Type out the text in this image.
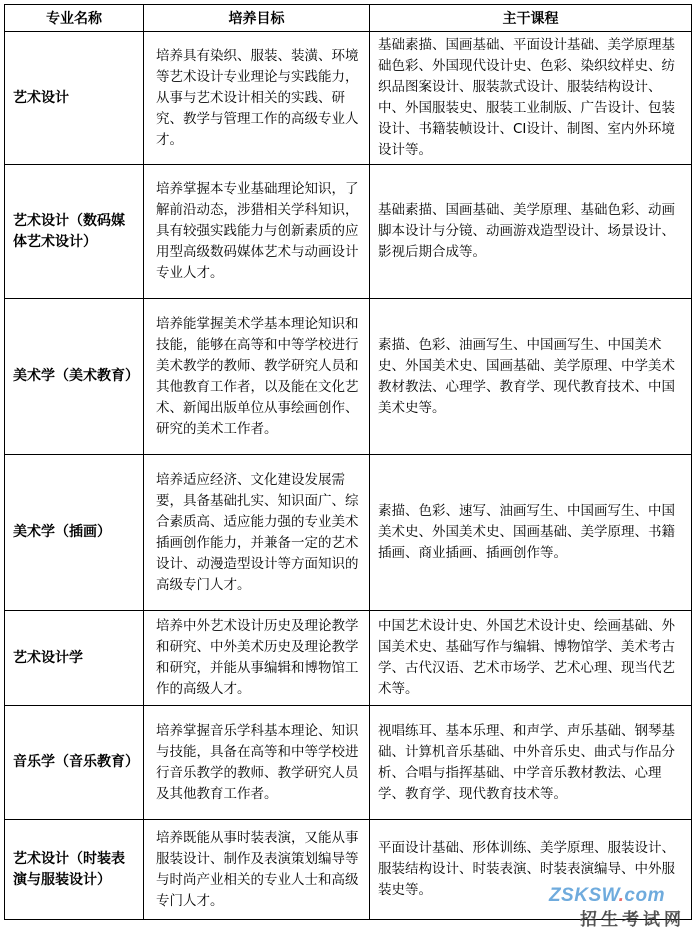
专业名称	培养目标	主干课程
艺术设计	培养具有染织、服装、装潢、环境等艺术设计专业理论与实践能力，从事与艺术设计相关的实践、研究、教学与管理工作的高级专业人才。	基础素描、国画基础、平面设计基础、美学原理基础色彩、外国现代设计史、色彩、染织纹样史、纺织品图案设计、服装款式设计、服装结构设计、中、外国服装史、服装工业制版、广告设计、包装设计、书籍装帧设计、CI设计、制图、室内外环境设计等。
艺术设计（数码媒体艺术设计）	培养掌握本专业基础理论知识，了解前沿动态，涉猎相关学科知识，具有较强实践能力与创新素质的应用型高级数码媒体艺术与动画设计专业人才。	基础素描、国画基础、美学原理、基础色彩、动画脚本设计与分镜、动画游戏造型设计、场景设计、影视后期合成等。
美术学（美术教育）	培养能掌握美术学基本理论知识和技能，能够在高等和中等学校进行美术教学的教师、教学研究人员和其他教育工作者，以及能在文化艺术、新闻出版单位从事绘画创作、研究的美术工作者。	素描、色彩、油画写生、中国画写生、中国美术史、外国美术史、国画基础、美学原理、中学美术教材教法、心理学、教育学、现代教育技术、中国美术史等。
美术学（插画）	培养适应经济、文化建设发展需要，具备基础扎实、知识面广、综合素质高、适应能力强的专业美术插画创作能力，并兼备一定的艺术设计、动漫造型设计等方面知识的高级专门人才。	素描、色彩、速写、油画写生、中国画写生、中国美术史、外国美术史、国画基础、美学原理、书籍插画、商业插画、插画创作等。
艺术设计学	培养中外艺术设计历史及理论教学和研究、中外美术历史及理论教学和研究，并能从事编辑和博物馆工作的高级人才。	中国艺术设计史、外国艺术设计史、绘画基础、外国美术史、基础写作与编辑、博物馆学、美术考古学、古代汉语、艺术市场学、艺术心理、现当代艺术等。
音乐学（音乐教育）	培养掌握音乐学科基本理论、知识与技能，具备在高等和中等学校进行音乐教学的教师、教学研究人员及其他教育工作者。	视唱练耳、基本乐理、和声学、声乐基础、钢琴基础、计算机音乐基础、中外音乐史、曲式与作品分析、合唱与指挥基础、中学音乐教材教法、心理学、教育学、现代教育技术等。
艺术设计（时装表演与服装设计）	培养既能从事时装表演，又能从事服装设计、制作及表演策划编导等与时尚产业相关的专业人士和高级专门人才。	平面设计基础、形体训练、美学原理、服装设计、服装结构设计、时装表演、时装表演编导、中外服装史等。	ZSKSW.com
招生考试网
